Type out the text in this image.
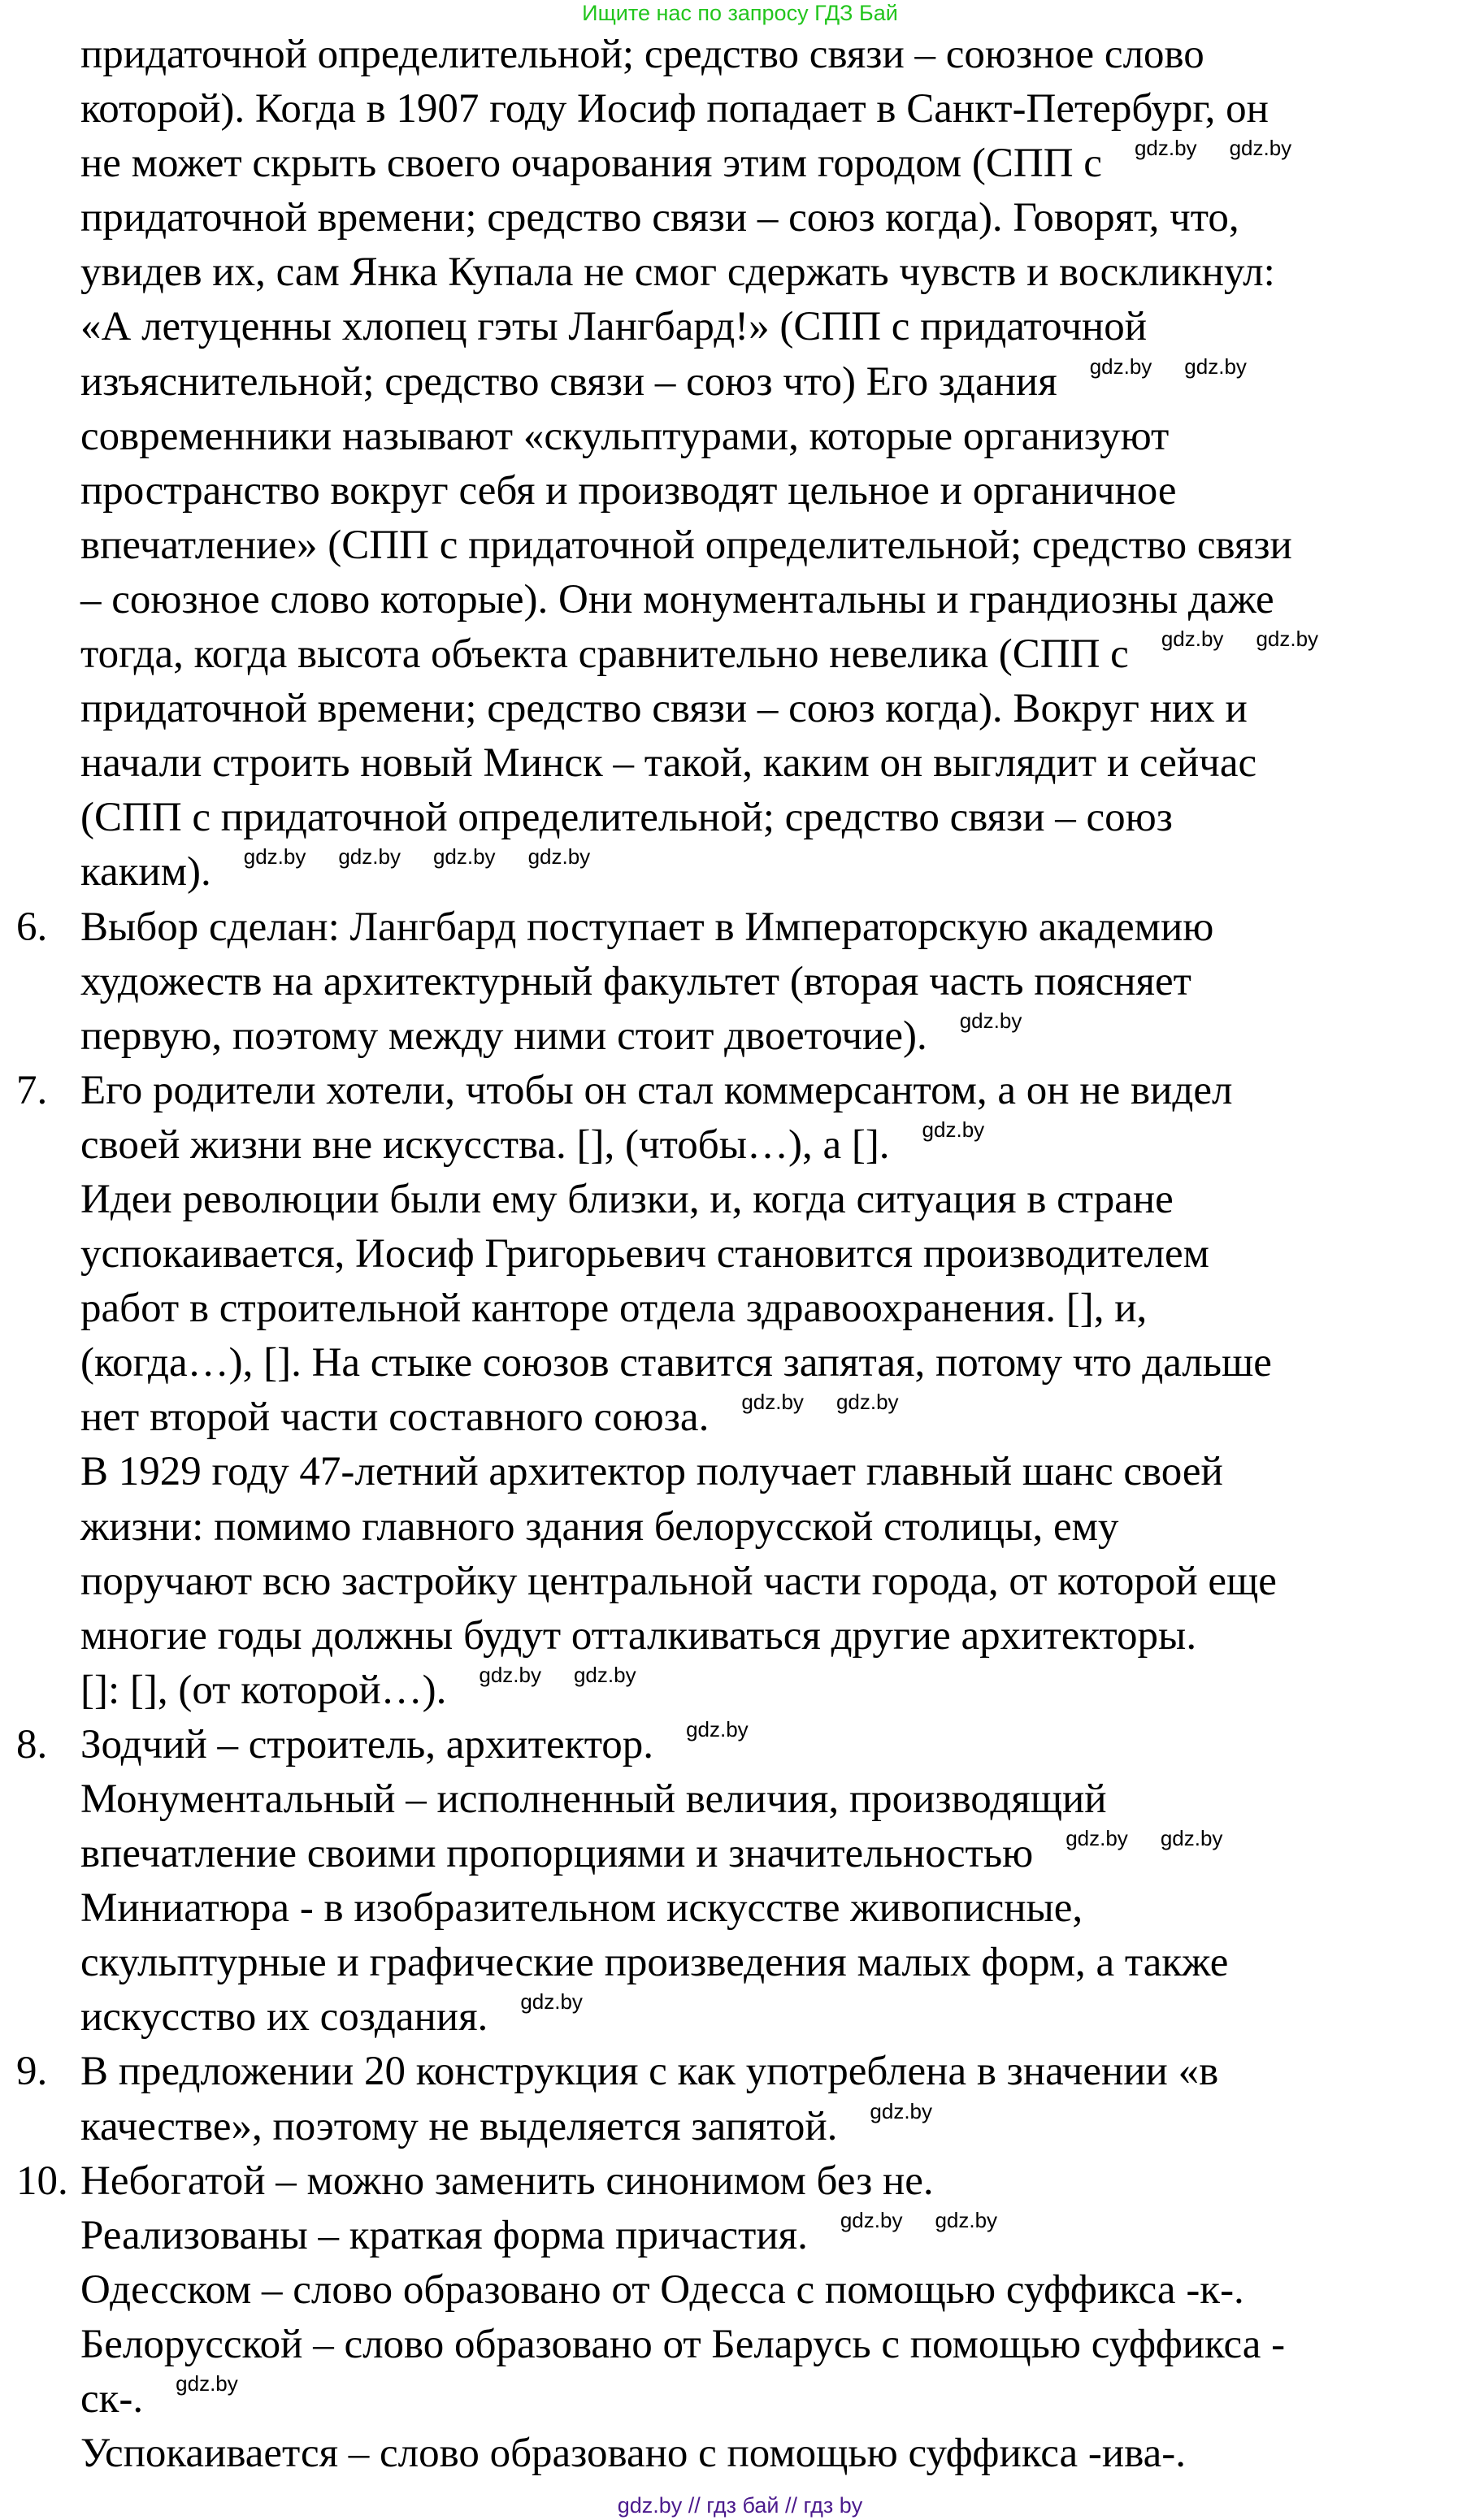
Ищите нас по запросу ГДЗ Бай
придаточной определительной; средство связи – союзное слово
которой). Когда в 1907 году Иосиф попадает в Санкт-Петербург, он
не может скрыть своего очарования этим городом (СПП с gdz.by gdz.by
придаточной времени; средство связи – союз когда). Говорят, что,
увидев их, сам Янка Купала не смог сдержать чувств и воскликнул:
«А летуценны хлопец гэты Лангбард!» (СПП с придаточной
изъяснительной; средство связи – союз что) Его здания gdz.by gdz.by
современники называют «скульптурами, которые организуют
пространство вокруг себя и производят цельное и органичное
впечатление» (СПП с придаточной определительной; средство связи
– союзное слово которые). Они монументальны и грандиозны даже
тогда, когда высота объекта сравнительно невелика (СПП с gdz.by gdz.by
придаточной времени; средство связи – союз когда). Вокруг них и
начали строить новый Минск – такой, каким он выглядит и сейчас
(СПП с придаточной определительной; средство связи – союз
каким). gdz.by gdz.by gdz.by gdz.by
6. Выбор сделан: Лангбард поступает в Императорскую академию
художеств на архитектурный факультет (вторая часть поясняет
первую, поэтому между ними стоит двоеточие). gdz.by
7. Его родители хотели, чтобы он стал коммерсантом, а он не видел
своей жизни вне искусства. [], (чтобы…), а []. gdz.by
Идеи революции были ему близки, и, когда ситуация в стране
успокаивается, Иосиф Григорьевич становится производителем
работ в строительной канторе отдела здравоохранения. [], и,
(когда…), []. На стыке союзов ставится запятая, потому что дальше
нет второй части составного союза. gdz.by gdz.by
В 1929 году 47-летний архитектор получает главный шанс своей
жизни: помимо главного здания белорусской столицы, ему
поручают всю застройку центральной части города, от которой еще
многие годы должны будут отталкиваться другие архитекторы.
[]: [], (от которой…). gdz.by gdz.by
8. Зодчий – строитель, архитектор. gdz.by
Монументальный – исполненный величия, производящий
впечатление своими пропорциями и значительностью gdz.by gdz.by
Миниатюра - в изобразительном искусстве живописные,
скульптурные и графические произведения малых форм, а также
искусство их создания. gdz.by
9. В предложении 20 конструкция с как употреблена в значении «в
качестве», поэтому не выделяется запятой. gdz.by
10. Небогатой – можно заменить синонимом без не.
Реализованы – краткая форма причастия. gdz.by gdz.by
Одесском – слово образовано от Одесса с помощью суффикса -к-.
Белорусской – слово образовано от Беларусь с помощью суффикса -
ск-. gdz.by
Успокаивается – слово образовано с помощью суффикса -ива-.
gdz.by // гдз бай // гдз by
